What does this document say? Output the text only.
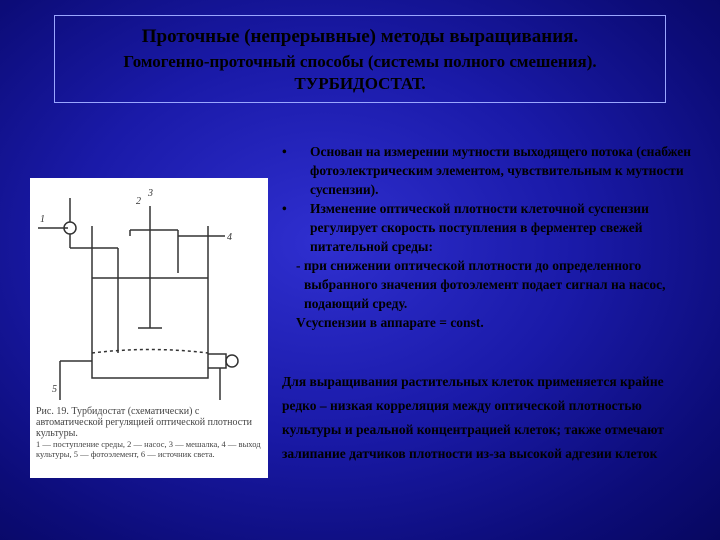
Проточные (непрерывные) методы выращивания.
Гомогенно-проточный способы (системы полного смешения).
ТУРБИДОСТАТ.
1
2
3
4
5
Рис. 19. Турбидостат (схематически) с автоматической регуляцией оптической плотности культуры.
1 — поступление среды, 2 — насос, 3 — мешалка, 4 — выход культуры, 5 — фотоэлемент, 6 — источник света.
• Основан на измерении мутности выходящего потока (снабжен фотоэлектрическим элементом, чувствительным к мутности суспензии).
• Изменение оптической плотности клеточной суспензии регулирует скорость поступления в ферментер свежей питательной среды:
- при снижении оптической плотности до определенного выбранного значения фотоэлемент подает сигнал на насос, подающий среду.
Vсуспензии в аппарате = const.
Для выращивания растительных клеток применяется крайне редко – низкая корреляция между оптической плотностью культуры и реальной концентрацией клеток; также отмечают залипание датчиков плотности из-за высокой адгезии клеток
